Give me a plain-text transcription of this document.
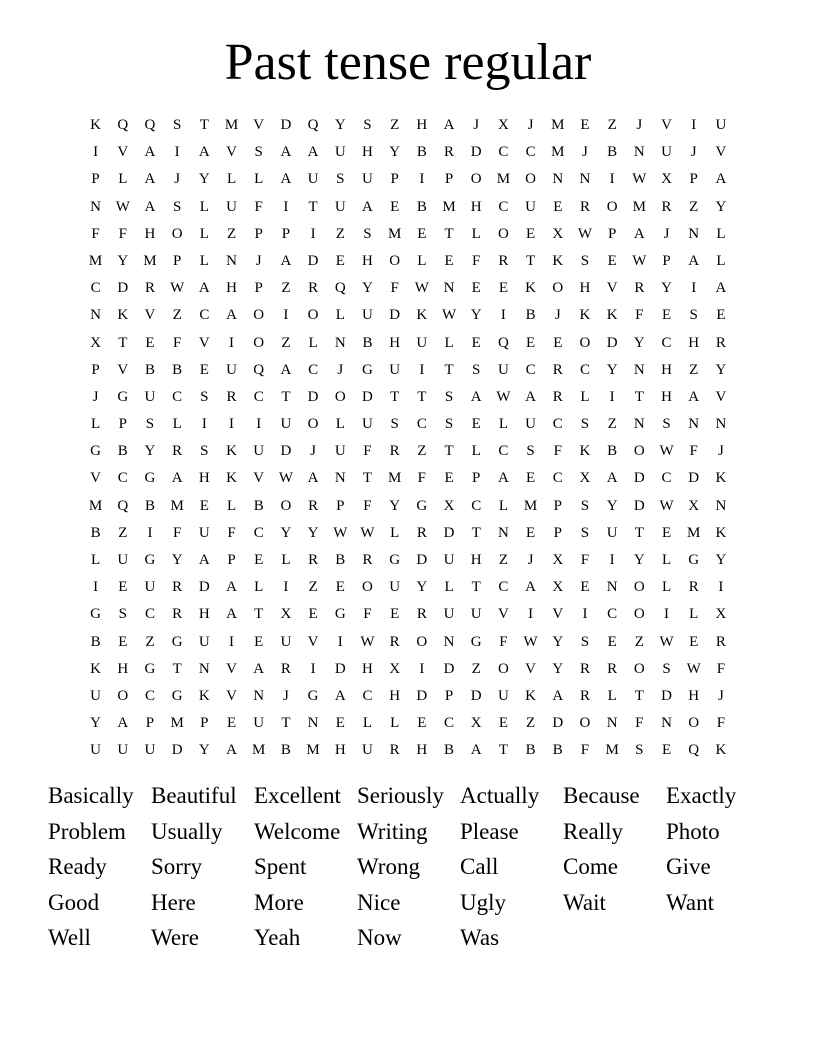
Past tense regular
K	Q	Q	S	T	M	V	D	Q	Y	S	Z	H	A	J	X	J	M	E	Z	J	V	I	U
I	V	A	I	A	V	S	A	A	U	H	Y	B	R	D	C	C	M	J	B	N	U	J	V
P	L	A	J	Y	L	L	A	U	S	U	P	I	P	O	M	O	N	N	I	W X	P	A
N W A	S	L	U	F	I	T	U	A	E	B	M	H	C	U	E	R	O	M	R	Z	Y
F	F	H	O	L	Z	P	P	I	Z	S	M	E	T	L	O	E	X W	P	A	J	N	L
M	Y	M	P	L	N	J	A	D	E	H	O	L	E	F	R	T	K	S	E	W	P	A	L
C	D	R	W A	H	P	Z	R	Q	Y	F	W N	E	E	K	O	H	V	R	Y	I	A
N	K	V	Z	C	A	O	I	O	L	U	D	K W Y	I	B	J	K	K	F	E	S	E
X	T	E	F	V	I	O	Z	L	N	B	H	U	L	E	Q	E	E	O	D	Y	C	H	R
P	V	B	B	E	U	Q	A	C	J	G	U	I	T	S	U	C	R	C	Y	N	H	Z	Y
J	G	U	C	S	R	C	T	D	O	D	T	T	S	A W A	R	L	I	T	H	A	V
L	P	S	L	I	I	I	U	O	L	U	S	C	S	E	L	U	C	S	Z	N	S	N	N
G	B	Y	R	S	K	U	D	J	U	F	R	Z	T	L	C	S	F	K	B	O W	F	J
V	C	G	A	H	K	V W A	N	T	M	F	E	P	A	E	C	X	A	D	C	D	K
M	Q	B	M	E	L	B	O	R	P	F	Y	G	X	C	L	M	P	S	Y	D W X	N
B	Z	I	F	U	F	C	Y	Y W W	L	R	D	T	N	E	P	S	U	T	E	M	K
L	U	G	Y	A	P	E	L	R	B	R	G	D	U	H	Z	J	X	F	I	Y	L	G	Y
I	E	U	R	D	A	L	I	Z	E	O	U	Y	L	T	C	A	X	E	N	O	L	R	I
G	S	C	R	H	A	T	X	E	G	F	E	R	U	U	V	I	V	I	C	O	I	L	X
B	E	Z	G	U	I	E	U	V	I	W	R	O	N	G	F	W Y	S	E	Z	W	E	R
K	H	G	T	N	V	A	R	I	D	H	X	I	D	Z	O	V	Y	R	R	O	S	W	F
U	O	C	G	K	V	N	J	G	A	C	H	D	P	D	U	K	A	R	L	T	D	H	J
Y	A	P	M	P	E	U	T	N	E	L	L	E	C	X	E	Z	D	O	N	F	N	O	F
U	U	U	D	Y	A	M	B	M	H	U	R	H	B	A	T	B	B	F	M	S	E	Q	K
Basically Beautiful Excellent Seriously Actually	Because	Exactly
Problem	Usually	Welcome Writing	Please	Really	Photo
Ready	Sorry	Spent	Wrong	Call	Come	Give
Good	Here	More	Nice	Ugly	Wait	Want
Well	Were	Yeah	Now	Was
